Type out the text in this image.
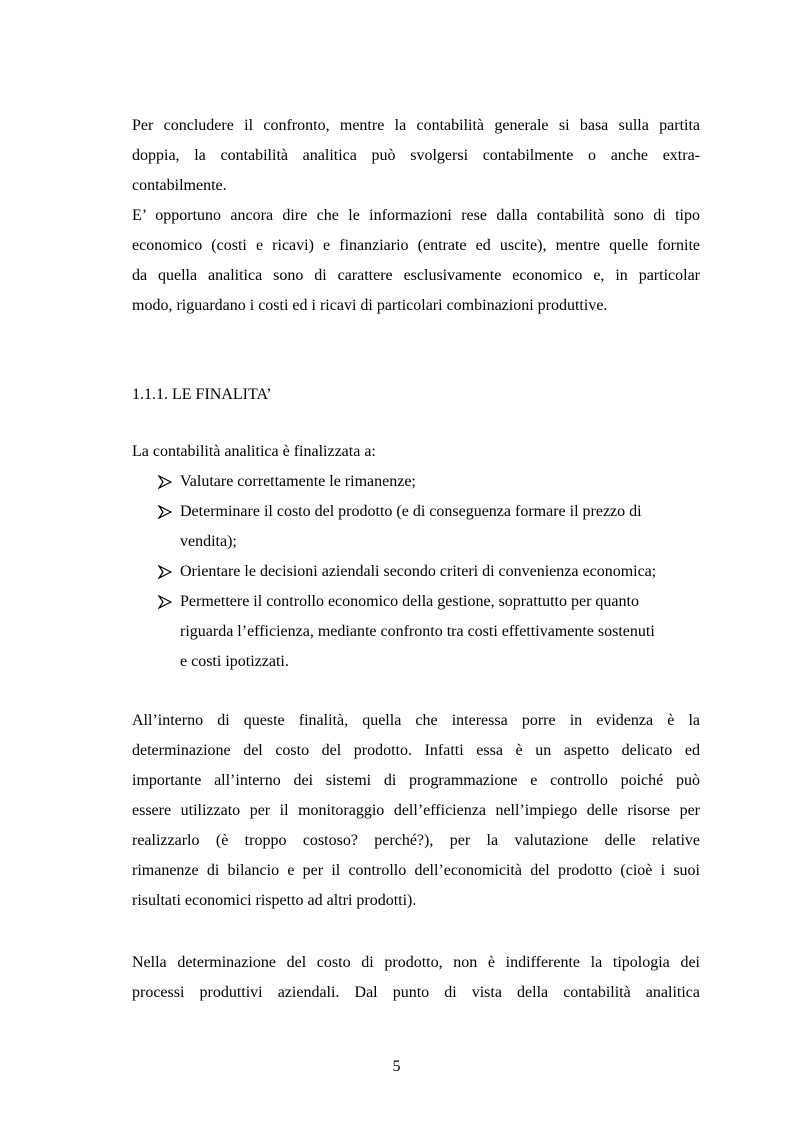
Per concludere il confronto, mentre la contabilità generale si basa sulla partita
doppia, la contabilità analitica può svolgersi contabilmente o anche extra-
contabilmente.
E’ opportuno ancora dire che le informazioni rese dalla contabilità sono di tipo
economico (costi e ricavi) e finanziario (entrate ed uscite), mentre quelle fornite
da quella analitica sono di carattere esclusivamente economico e, in particolar
modo, riguardano i costi ed i ricavi di particolari combinazioni produttive.
1.1.1. LE FINALITA’
La contabilità analitica è finalizzata a:
Valutare correttamente le rimanenze;
Determinare il costo del prodotto (e di conseguenza formare il prezzo di
vendita);
Orientare le decisioni aziendali secondo criteri di convenienza economica;
Permettere il controllo economico della gestione, soprattutto per quanto
riguarda l’efficienza, mediante confronto tra costi effettivamente sostenuti
e costi ipotizzati.
All’interno di queste finalità, quella che interessa porre in evidenza è la
determinazione del costo del prodotto. Infatti essa è un aspetto delicato ed
importante all’interno dei sistemi di programmazione e controllo poiché può
essere utilizzato per il monitoraggio dell’efficienza nell’impiego delle risorse per
realizzarlo (è troppo costoso? perché?), per la valutazione delle relative
rimanenze di bilancio e per il controllo dell’economicità del prodotto (cioè i suoi
risultati economici rispetto ad altri prodotti).
Nella determinazione del costo di prodotto, non è indifferente la tipologia dei
processi produttivi aziendali. Dal punto di vista della contabilità analitica
5
